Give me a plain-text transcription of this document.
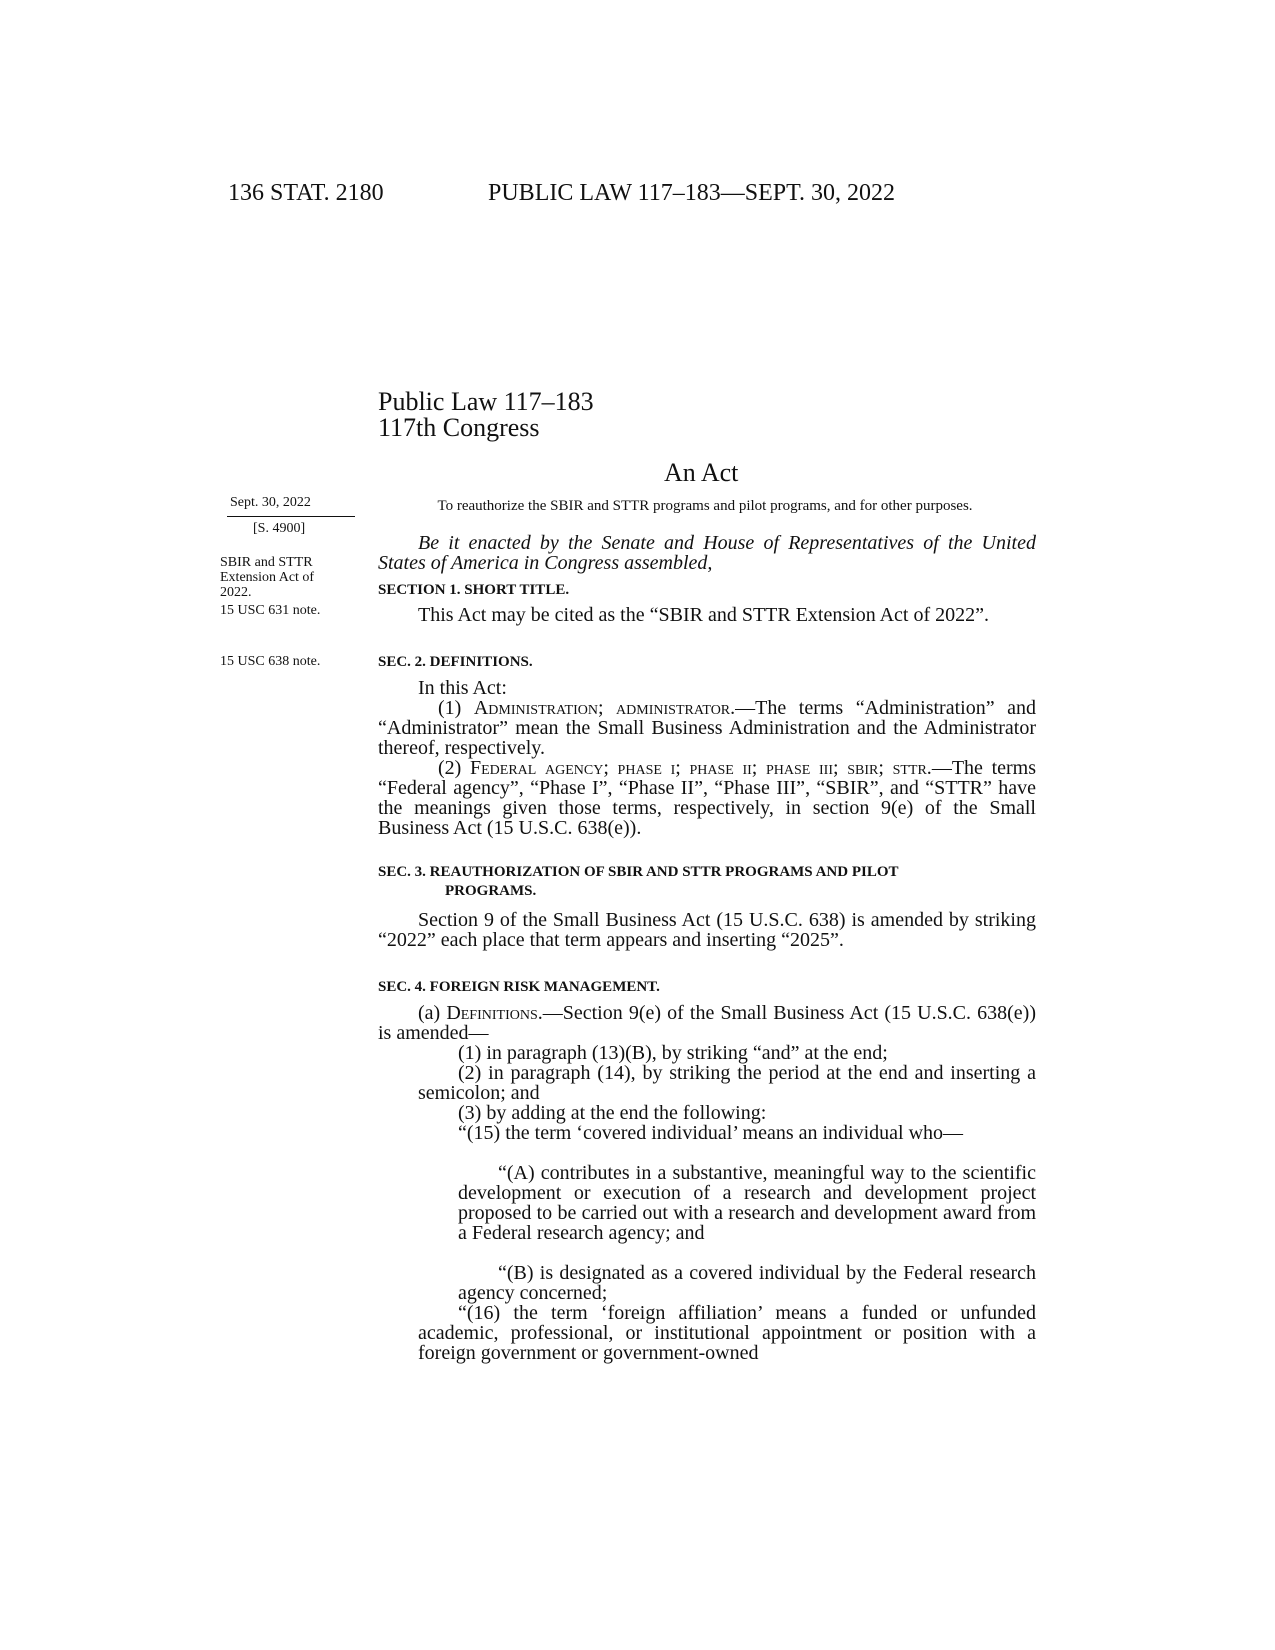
136 STAT. 2180	PUBLIC LAW 117–183—SEPT. 30, 2022
Public Law 117–183
117th Congress
An Act
Sept. 30, 2022
[S. 4900]
SBIR and STTR Extension Act of 2022.
15 USC 631 note.
15 USC 638 note.
To reauthorize the SBIR and STTR programs and pilot programs, and for other purposes.
Be it enacted by the Senate and House of Representatives of the United States of America in Congress assembled,
SECTION 1. SHORT TITLE.
This Act may be cited as the “SBIR and STTR Extension Act of 2022”.
SEC. 2. DEFINITIONS.
In this Act:
(1) Administration; administrator.—The terms “Administration” and “Administrator” mean the Small Business Administration and the Administrator thereof, respectively.
(2) Federal agency; phase i; phase ii; phase iii; sbir; sttr.—The terms “Federal agency”, “Phase I”, “Phase II”, “Phase III”, “SBIR”, and “STTR” have the meanings given those terms, respectively, in section 9(e) of the Small Business Act (15 U.S.C. 638(e)).
SEC. 3. REAUTHORIZATION OF SBIR AND STTR PROGRAMS AND PILOT
PROGRAMS.
Section 9 of the Small Business Act (15 U.S.C. 638) is amended by striking “2022” each place that term appears and inserting “2025”.
SEC. 4. FOREIGN RISK MANAGEMENT.
(a) Definitions.—Section 9(e) of the Small Business Act (15 U.S.C. 638(e)) is amended—
(1) in paragraph (13)(B), by striking “and” at the end;
(2) in paragraph (14), by striking the period at the end and inserting a semicolon; and
(3) by adding at the end the following:
“(15) the term ‘covered individual’ means an individual who—
“(A) contributes in a substantive, meaningful way to the scientific development or execution of a research and development project proposed to be carried out with a research and development award from a Federal research agency; and
“(B) is designated as a covered individual by the Federal research agency concerned;
“(16) the term ‘foreign affiliation’ means a funded or unfunded academic, professional, or institutional appointment or position with a foreign government or government-owned
